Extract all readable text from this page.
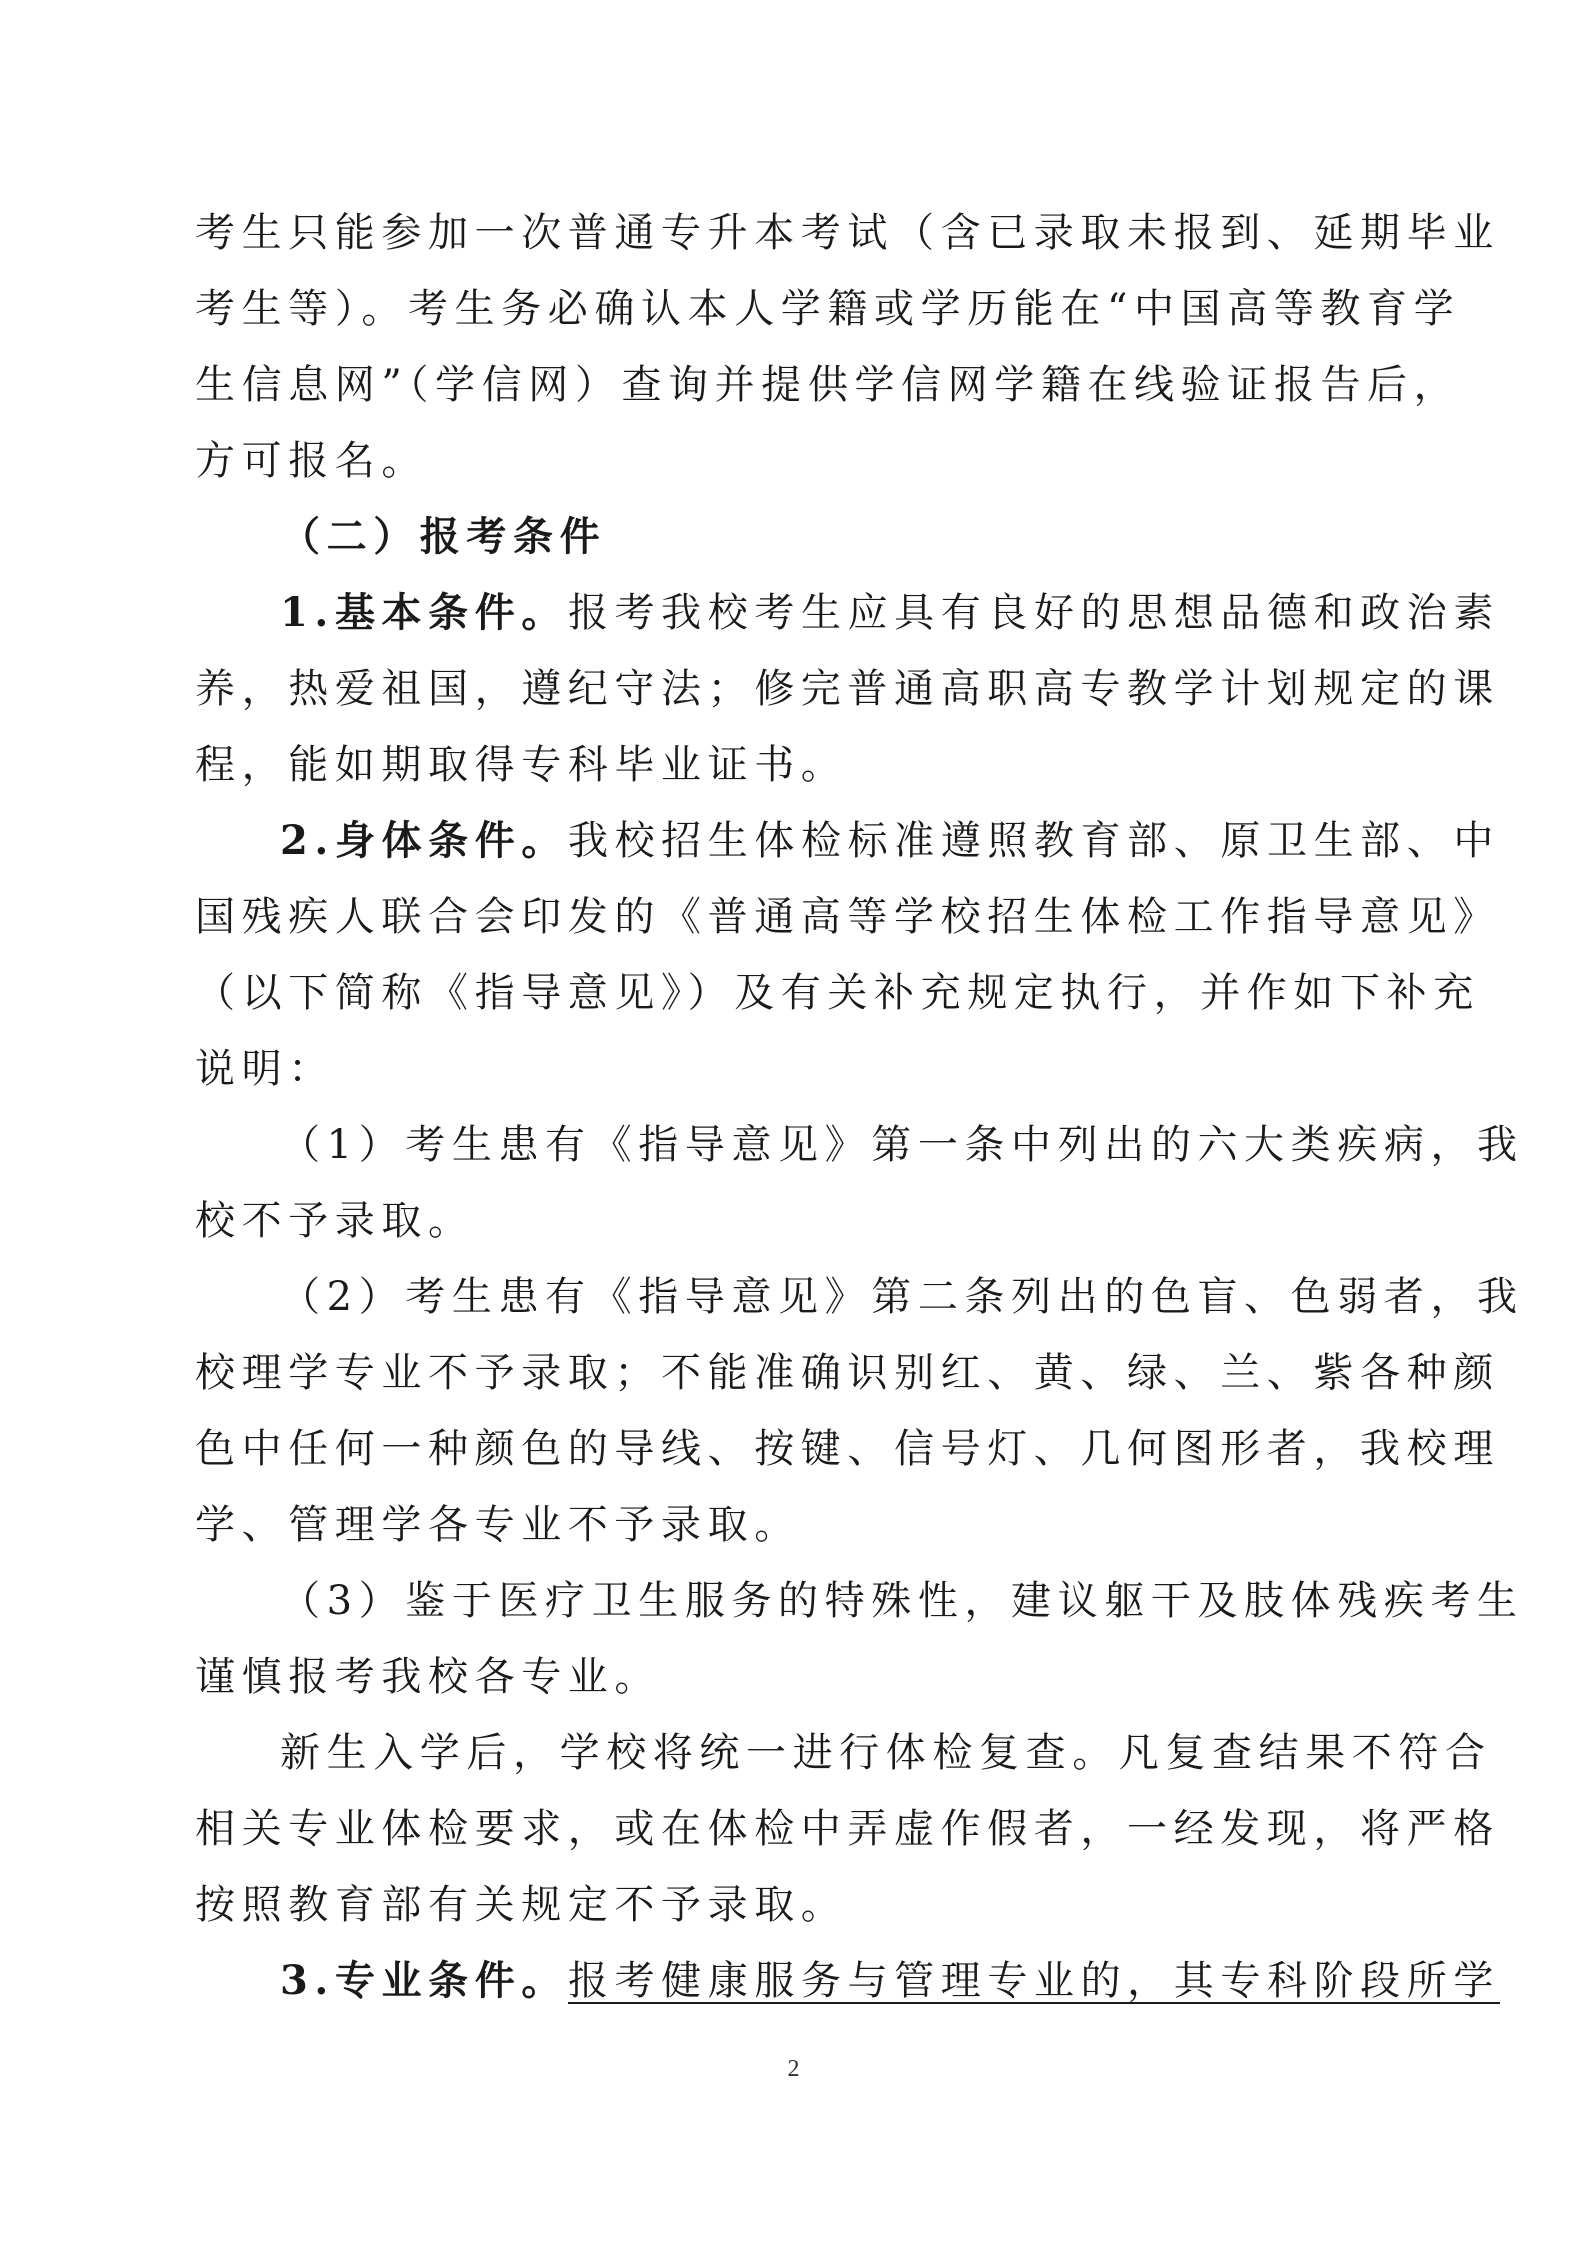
考生只能参加一次普通专升本考试（含已录取未报到、延期毕业
考生等）。考生务必确认本人学籍或学历能在“中国高等教育学
生信息网”（学信网）查询并提供学信网学籍在线验证报告后，
方可报名。
（二）报考条件
1.基本条件。报考我校考生应具有良好的思想品德和政治素
养，热爱祖国，遵纪守法；修完普通高职高专教学计划规定的课
程，能如期取得专科毕业证书。
2.身体条件。我校招生体检标准遵照教育部、原卫生部、中
国残疾人联合会印发的《普通高等学校招生体检工作指导意见》
（以下简称《指导意见》）及有关补充规定执行，并作如下补充
说明：
（1）考生患有《指导意见》第一条中列出的六大类疾病，我
校不予录取。
（2）考生患有《指导意见》第二条列出的色盲、色弱者，我
校理学专业不予录取；不能准确识别红、黄、绿、兰、紫各种颜
色中任何一种颜色的导线、按键、信号灯、几何图形者，我校理
学、管理学各专业不予录取。
（3）鉴于医疗卫生服务的特殊性，建议躯干及肢体残疾考生
谨慎报考我校各专业。
新生入学后，学校将统一进行体检复查。凡复查结果不符合
相关专业体检要求，或在体检中弄虚作假者，一经发现，将严格
按照教育部有关规定不予录取。
3.专业条件。报考健康服务与管理专业的，其专科阶段所学
2
